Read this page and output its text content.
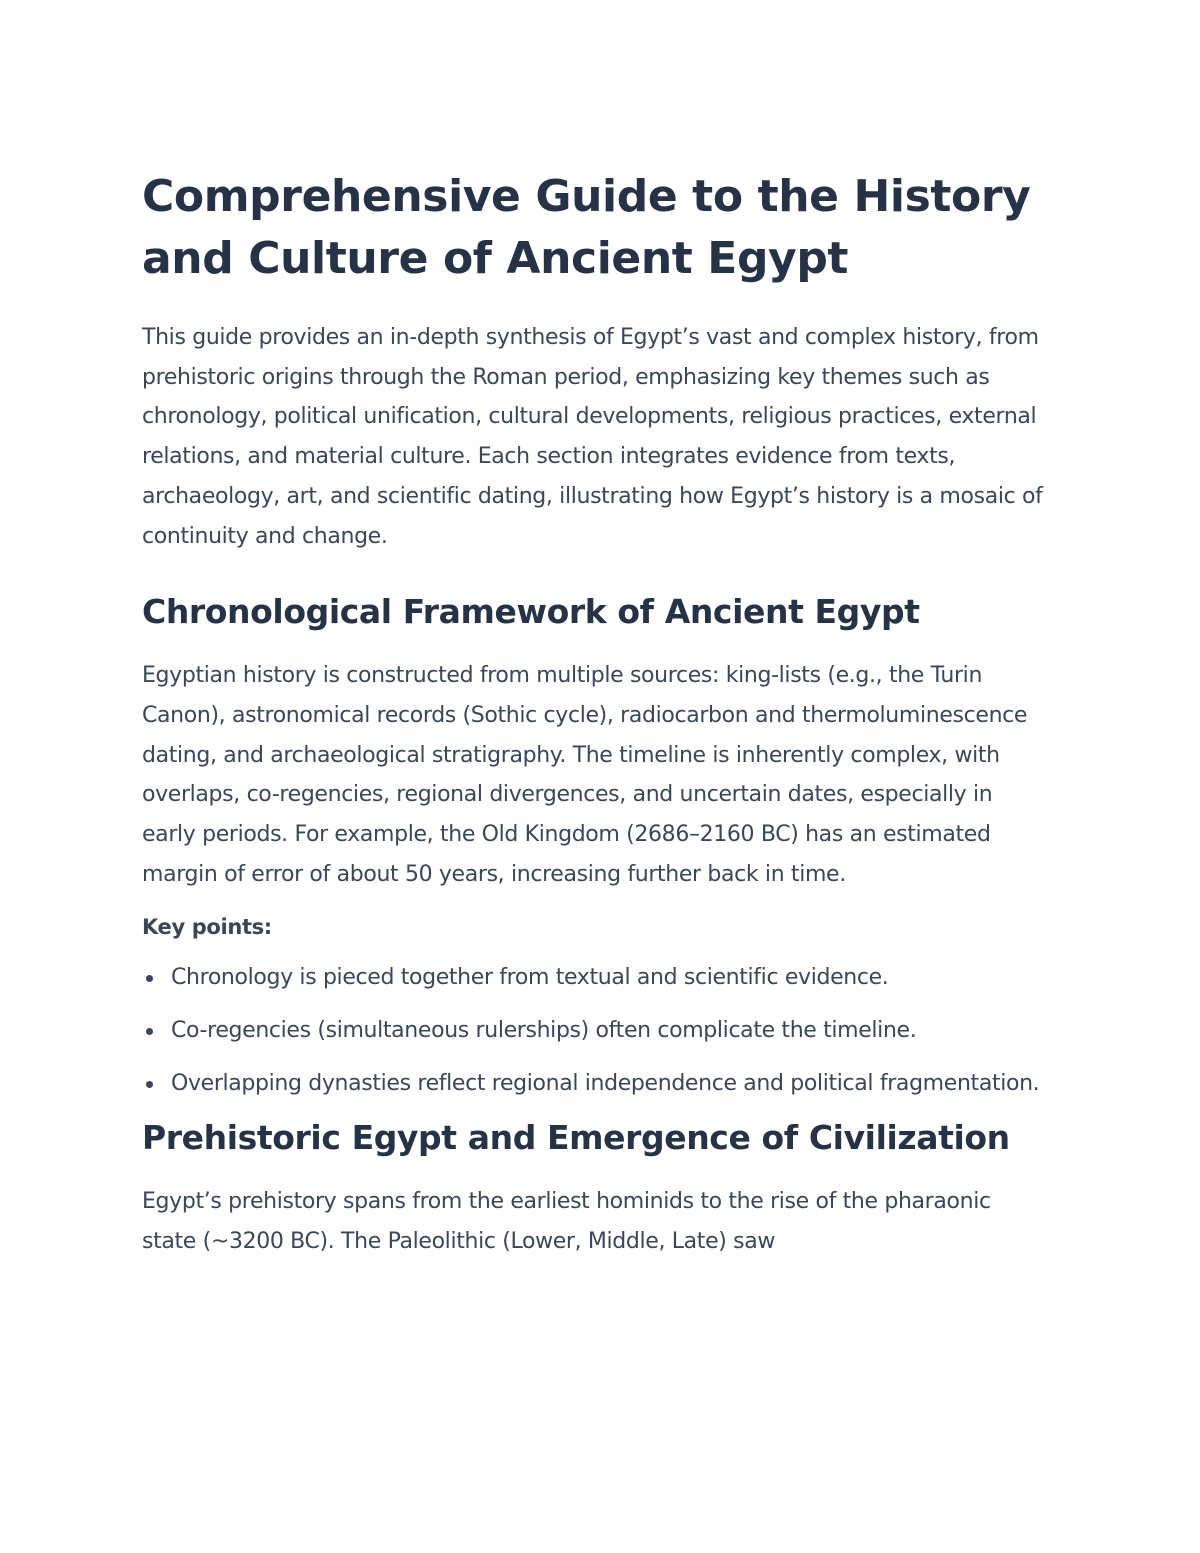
Comprehensive Guide to the History and Culture of Ancient Egypt

This guide provides an in-depth synthesis of Egypt’s vast and complex history, from prehistoric origins through the Roman period, emphasizing key themes such as chronology, political unification, cultural developments, religious practices, external relations, and material culture. Each section integrates evidence from texts, archaeology, art, and scientific dating, illustrating how Egypt’s history is a mosaic of continuity and change.

Chronological Framework of Ancient Egypt

Egyptian history is constructed from multiple sources: king-lists (e.g., the Turin Canon), astronomical records (Sothic cycle), radiocarbon and thermoluminescence dating, and archaeological stratigraphy. The timeline is inherently complex, with overlaps, co-regencies, regional divergences, and uncertain dates, especially in early periods. For example, the Old Kingdom (2686–2160 BC) has an estimated margin of error of about 50 years, increasing further back in time.

Key points:

Chronology is pieced together from textual and scientific evidence.
Co-regencies (simultaneous rulerships) often complicate the timeline.
Overlapping dynasties reflect regional independence and political fragmentation.
Prehistoric Egypt and Emergence of Civilization

Egypt’s prehistory spans from the earliest hominids to the rise of the pharaonic state (~3200 BC). The Paleolithic (Lower, Middle, Late) saw
